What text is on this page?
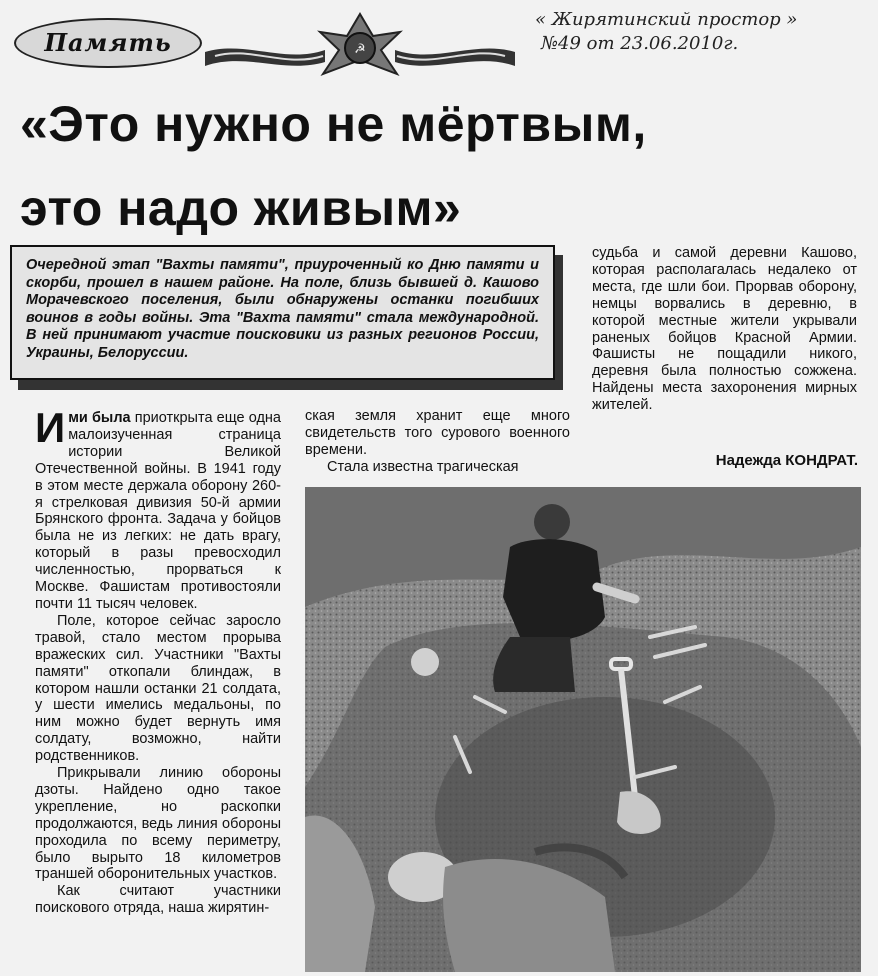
Память	☭
« Жирятинский простор »
№49 от 23.06.2010г.
«Это нужно не мёртвым,
это надо живым»

Очередной этап "Вахты памяти", приуроченный ко Дню памяти и скорби, прошел в нашем районе. На поле, близь бывшей д. Кашово Морачевского поселения, были обнаружены останки погибших воинов в годы войны. Эта "Вахта памяти" стала международной. В ней принимают участие поисковики из разных регионов России, Украины, Белоруссии.

Ими была приоткрыта еще одна малоизученная страница истории Великой Отечественной войны. В 1941 году в этом месте держала оборону 260-я стрелковая дивизия 50-й армии Брянского фронта. Задача у бойцов была не из легких: не дать врагу, который в разы превосходил численностью, прорваться к Москве. Фашистам противостояли почти 11 тысяч человек.

Поле, которое сейчас заросло травой, стало местом прорыва вражеских сил. Участники "Вахты памяти" откопали блиндаж, в котором нашли останки 21 солдата, у шести имелись медальоны, по ним можно будет вернуть имя солдату, возможно, найти родственников.

Прикрывали линию обороны дзоты. Найдено одно такое укрепление, но раскопки продолжаются, ведь линия обороны проходила по всему периметру, было вырыто 18 километров траншей оборонительных участков.

Как считают участники поискового отряда, наша жирятин-

ская земля хранит еще много свидетельств того сурового военного времени.

Стала известна трагическая

судьба и самой деревни Кашово, которая располагалась недалеко от места, где шли бои. Прорвав оборону, немцы ворвались в деревню, в которой местные жители укрывали раненых бойцов Красной Армии. Фашисты не пощадили никого, деревня была полностью сожжена. Найдены места захоронения мирных жителей.

Надежда КОНДРАТ.
